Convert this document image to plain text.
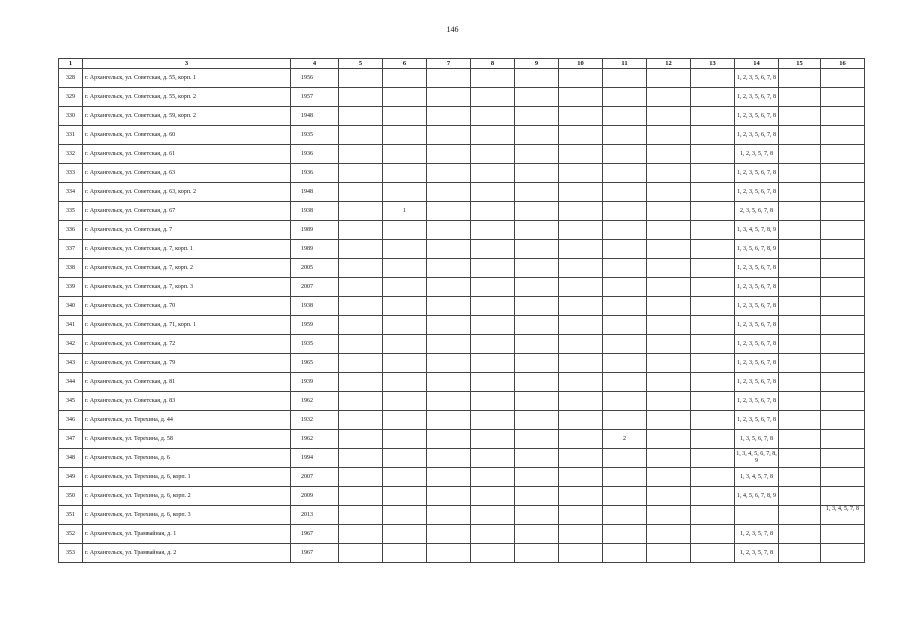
146
1	3	4	5	6	7	8	9	10	11	12	13	14	15	16
328	г. Архангельск, ул. Советская, д. 55, корп. 1	1956										1, 2, 3, 5, 6, 7, 8		
329	г. Архангельск, ул. Советская, д. 55, корп. 2	1957										1, 2, 3, 5, 6, 7, 8		
330	г. Архангельск, ул. Советская, д. 59, корп. 2	1948										1, 2, 3, 5, 6, 7, 8		
331	г. Архангельск, ул. Советская, д. 60	1935										1, 2, 3, 5, 6, 7, 8		
332	г. Архангельск, ул. Советская, д. 61	1936										1, 2, 3, 5, 7, 8		
333	г. Архангельск, ул. Советская, д. 63	1936										1, 2, 3, 5, 6, 7, 8		
334	г. Архангельск, ул. Советская, д. 63, корп. 2	1948										1, 2, 3, 5, 6, 7, 8		
335	г. Архангельск, ул. Советская, д. 67	1938		1								2, 3, 5, 6, 7, 8		
336	г. Архангельск, ул. Советская, д. 7	1989										1, 3, 4, 5, 7, 8, 9		
337	г. Архангельск, ул. Советская, д. 7, корп. 1	1989										1, 3, 5, 6, 7, 8, 9		
338	г. Архангельск, ул. Советская, д. 7, корп. 2	2005										1, 2, 3, 5, 6, 7, 8		
339	г. Архангельск, ул. Советская, д. 7, корп. 3	2007										1, 2, 3, 5, 6, 7, 8		
340	г. Архангельск, ул. Советская, д. 70	1938										1, 2, 3, 5, 6, 7, 8		
341	г. Архангельск, ул. Советская, д. 71, корп. 1	1959										1, 2, 3, 5, 6, 7, 8		
342	г. Архангельск, ул. Советская, д. 72	1935										1, 2, 3, 5, 6, 7, 8		
343	г. Архангельск, ул. Советская, д. 79	1965										1, 2, 3, 5, 6, 7, 8		
344	г. Архангельск, ул. Советская, д. 81	1939										1, 2, 3, 5, 6, 7, 8		
345	г. Архангельск, ул. Советская, д. 83	1962										1, 2, 3, 5, 6, 7, 8		
346	г. Архангельск, ул. Терехина, д. 44	1932										1, 2, 3, 5, 6, 7, 8		
347	г. Архангельск, ул. Терехина, д. 58	1962							2			1, 3, 5, 6, 7, 8		
348	г. Архангельск, ул. Терехина, д. 6	1994										1, 3, 4, 5, 6, 7, 8, 9		
349	г. Архангельск, ул. Терехина, д. 6, корп. 1	2007										1, 3, 4, 5, 7, 8		
350	г. Архангельск, ул. Терехина, д. 6, корп. 2	2009										1, 4, 5, 6, 7, 8, 9		
351	г. Архангельск, ул. Терехина, д. 6, корп. 3	2013												1, 3, 4, 5, 7, 8
352	г. Архангельск, ул. Трамвайная, д. 1	1967										1, 2, 3, 5, 7, 8		
353	г. Архангельск, ул. Трамвайная, д. 2	1967										1, 2, 3, 5, 7, 8		
